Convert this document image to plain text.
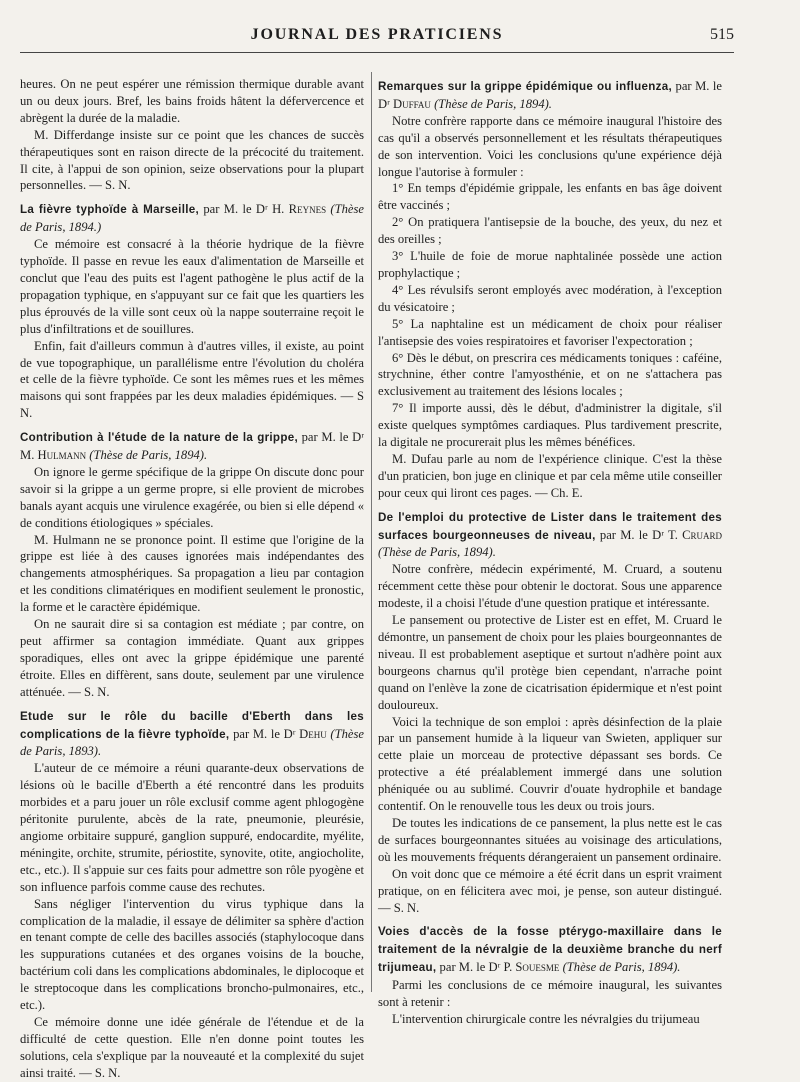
JOURNAL DES PRATICIENS	515

heures. On ne peut espérer une rémission thermique durable avant un ou deux jours. Bref, les bains froids hâtent la défervercence et abrègent la durée de la maladie.

M. Differdange insiste sur ce point que les chances de succès thérapeutiques sont en raison directe de la précocité du traitement. Il cite, à l'appui de son opinion, seize observations pour la plupart personnelles. — S. N.

La fièvre typhoïde à Marseille, par M. le Dʳ H. Reynes (Thèse de Paris, 1894.)

Ce mémoire est consacré à la théorie hydrique de la fièvre typhoïde. Il passe en revue les eaux d'alimentation de Marseille et conclut que l'eau des puits est l'agent pathogène le plus actif de la propagation typhique, en s'appuyant sur ce fait que les quartiers les plus éprouvés de la ville sont ceux où la nappe souterraine reçoit le plus d'infiltrations et de souillures.

Enfin, fait d'ailleurs commun à d'autres villes, il existe, au point de vue topographique, un parallélisme entre l'évolution du choléra et celle de la fièvre typhoïde. Ce sont les mêmes rues et les mêmes maisons qui sont frappées par les deux maladies épidémiques. — S N.

Contribution à l'étude de la nature de la grippe, par M. le Dʳ M. Hulmann (Thèse de Paris, 1894).

On ignore le germe spécifique de la grippe On discute donc pour savoir si la grippe a un germe propre, si elle provient de microbes banals ayant acquis une virulence exagérée, ou bien si elle dépend « de conditions étiologiques » spéciales.

M. Hulmann ne se prononce point. Il estime que l'origine de la grippe est liée à des causes ignorées mais indépendantes des changements atmosphériques. Sa propagation a lieu par contagion et les conditions climatériques en modifient seulement le pronostic, la forme et le caractère épidémique.

On ne saurait dire si sa contagion est médiate ; par contre, on peut affirmer sa contagion immédiate. Quant aux grippes sporadiques, elles ont avec la grippe épidémique une parenté étroite. Elles en diffèrent, sans doute, seulement par une virulence atténuée. — S. N.

Etude sur le rôle du bacille d'Eberth dans les complications de la fièvre typhoïde, par M. le Dʳ Dehu (Thèse de Paris, 1893).

L'auteur de ce mémoire a réuni quarante-deux observations de lésions où le bacille d'Eberth a été rencontré dans les produits morbides et a paru jouer un rôle exclusif comme agent phlogogène péritonite purulente, abcès de la rate, pneumonie, pleurésie, angiome orbitaire suppuré, ganglion suppuré, endocardite, myélite, méningite, orchite, strumite, périostite, synovite, otite, angiocholite, etc., etc.). Il s'appuie sur ces faits pour admettre son rôle pyogène et son influence parfois comme cause des rechutes.

Sans négliger l'intervention du virus typhique dans la complication de la maladie, il essaye de délimiter sa sphère d'action en tenant compte de celle des bacilles associés (staphylocoque dans les suppurations cutanées et des organes voisins de la bouche, bactérium coli dans les complications abdominales, le diplocoque et le streptocoque dans les complications broncho-pulmonaires, etc., etc.).

Ce mémoire donne une idée générale de l'étendue et de la difficulté de cette question. Elle n'en donne point toutes les solutions, cela s'explique par la nouveauté et la complexité du sujet ainsi traité. — S. N.

Remarques sur la grippe épidémique ou influenza, par M. le Dʳ Duffau (Thèse de Paris, 1894).

Notre confrère rapporte dans ce mémoire inaugural l'histoire des cas qu'il a observés personnellement et les résultats thérapeutiques de son intervention. Voici les conclusions qu'une expérience déjà longue l'autorise à formuler :

1° En temps d'épidémie grippale, les enfants en bas âge doivent être vaccinés ;

2° On pratiquera l'antisepsie de la bouche, des yeux, du nez et des oreilles ;

3° L'huile de foie de morue naphtalinée possède une action prophylactique ;

4° Les révulsifs seront employés avec modération, à l'exception du vésicatoire ;

5° La naphtaline est un médicament de choix pour réaliser l'antisepsie des voies respiratoires et favoriser l'expectoration ;

6° Dès le début, on prescrira ces médicaments toniques : caféine, strychnine, éther contre l'amyosthénie, et on ne s'attachera pas exclusivement au traitement des lésions locales ;

7° Il importe aussi, dès le début, d'administrer la digitale, s'il existe quelques symptômes cardiaques. Plus tardivement prescrite, la digitale ne procurerait plus les mêmes bénéfices.

M. Dufau parle au nom de l'expérience clinique. C'est la thèse d'un praticien, bon juge en clinique et par cela même utile conseiller pour ceux qui liront ces pages. — Ch. E.

De l'emploi du protective de Lister dans le traitement des surfaces bourgeonneuses de niveau, par M. le Dʳ T. Cruard (Thèse de Paris, 1894).

Notre confrère, médecin expérimenté, M. Cruard, a soutenu récemment cette thèse pour obtenir le doctorat. Sous une apparence modeste, il a choisi l'étude d'une question pratique et intéressante.

Le pansement ou protective de Lister est en effet, M. Cruard le démontre, un pansement de choix pour les plaies bourgeonnantes de niveau. Il est probablement aseptique et surtout n'adhère point aux bourgeons charnus qu'il protège bien cependant, n'arrache point quand on l'enlève la zone de cicatrisation épidermique et n'est point douloureux.

Voici la technique de son emploi : après désinfection de la plaie par un pansement humide à la liqueur van Swieten, appliquer sur cette plaie un morceau de protective dépassant ses bords. Ce protective a été préalablement immergé dans une solution phéniquée ou au sublimé. Couvrir d'ouate hydrophile et bandage contentif. On le renouvelle tous les deux ou trois jours.

De toutes les indications de ce pansement, la plus nette est le cas de surfaces bourgeonnantes situées au voisinage des articulations, où les mouvements fréquents dérangeraient un pansement ordinaire.

On voit donc que ce mémoire a été écrit dans un esprit vraiment pratique, on en félicitera avec moi, je pense, son auteur distingué. — S. N.

Voies d'accès de la fosse ptérygo-maxillaire dans le traitement de la névralgie de la deuxième branche du nerf trijumeau, par M. le Dʳ P. Souesme (Thèse de Paris, 1894).

Parmi les conclusions de ce mémoire inaugural, les suivantes sont à retenir :

L'intervention chirurgicale contre les névralgies du trijumeau
